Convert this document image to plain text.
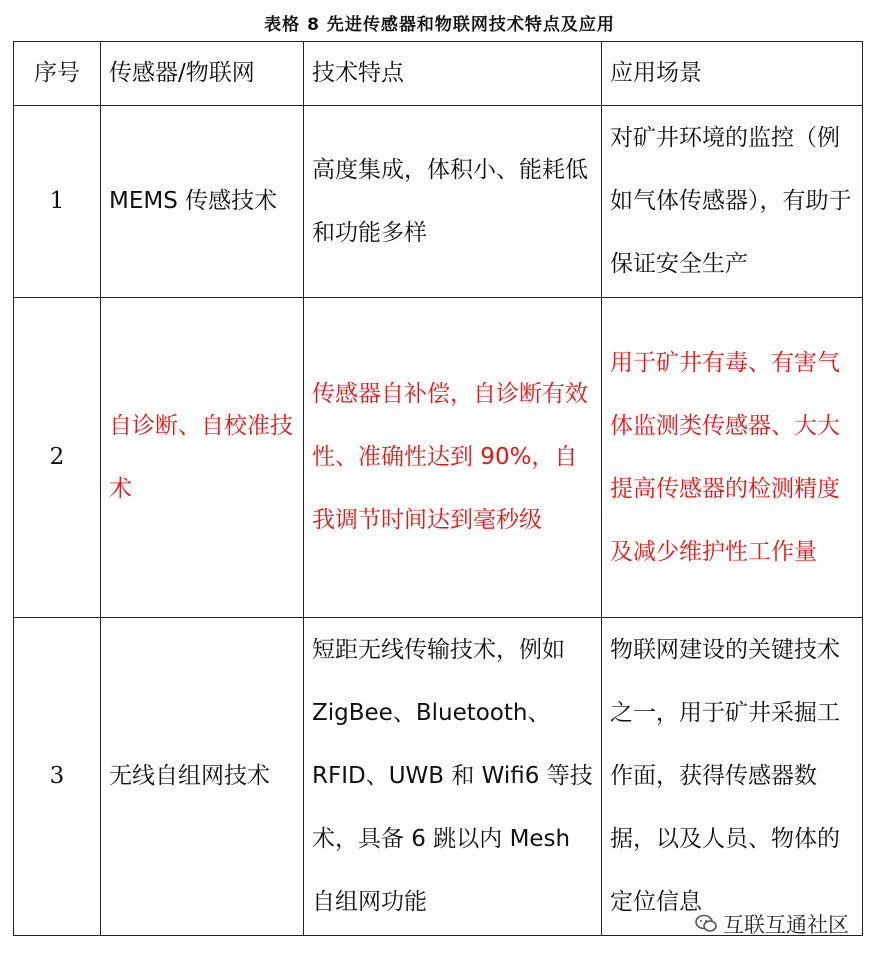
表格 8 先进传感器和物联网技术特点及应用
序号	传感器/物联网	技术特点	应用场景
1	MEMS 传感技术	高度集成，体积小、能耗低和功能多样	对矿井环境的监控（例如气体传感器），有助于保证安全生产
2	自诊断、自校准技术	传感器自补偿，自诊断有效性、准确性达到 90%，自我调节时间达到毫秒级	用于矿井有毒、有害气体监测类传感器、大大提高传感器的检测精度及减少维护性工作量
3	无线自组网技术	短距无线传输技术，例如 ZigBee、Bluetooth、RFID、UWB 和 Wifi6 等技术，具备 6 跳以内 Mesh 自组网功能	物联网建设的关键技术之一，用于矿井采掘工作面，获得传感器数据，以及人员、物体的定位信息
互联互通社区
